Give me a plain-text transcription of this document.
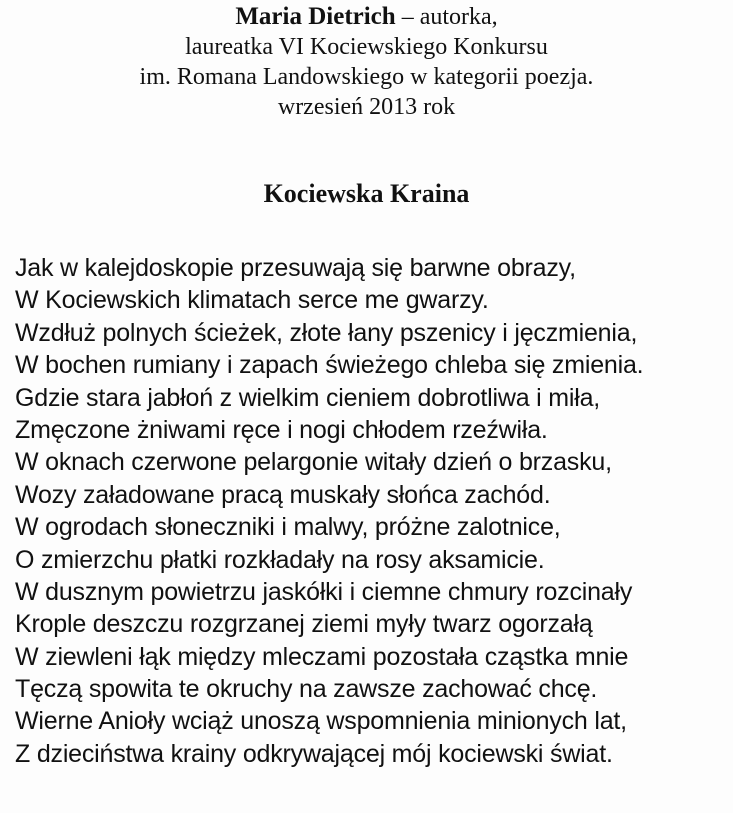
Maria Dietrich – autorka,
laureatka VI Kociewskiego Konkursu
im. Romana Landowskiego w kategorii poezja.
wrzesień 2013 rok
Kociewska Kraina
Jak w kalejdoskopie przesuwają się barwne obrazy,
W Kociewskich klimatach serce me gwarzy.
Wzdłuż polnych ścieżek, złote łany pszenicy i jęczmienia,
W bochen rumiany i zapach świeżego chleba się zmienia.
Gdzie stara jabłoń z wielkim cieniem dobrotliwa i miła,
Zmęczone żniwami ręce i nogi chłodem rzeźwiła.
W oknach czerwone pelargonie witały dzień o brzasku,
Wozy załadowane pracą muskały słońca zachód.
W ogrodach słoneczniki i malwy, próżne zalotnice,
O zmierzchu płatki rozkładały na rosy aksamicie.
W dusznym powietrzu jaskółki i ciemne chmury rozcinały
Krople deszczu rozgrzanej ziemi myły twarz ogorzałą
W ziewleni łąk między mleczami pozostała cząstka mnie
Tęczą spowita te okruchy na zawsze zachować chcę.
Wierne Anioły wciąż unoszą wspomnienia minionych lat,
Z dzieciństwa krainy odkrywającej mój kociewski świat.
